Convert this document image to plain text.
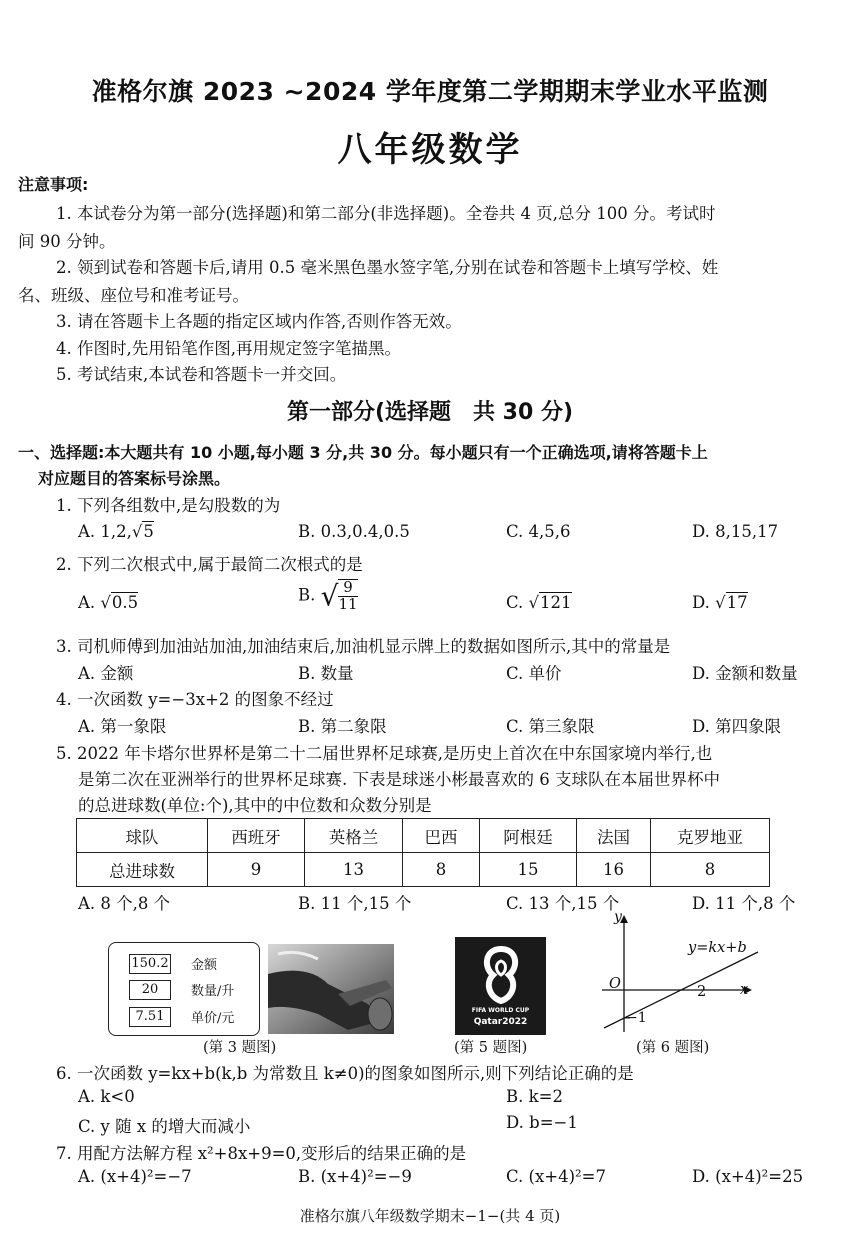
准格尔旗 2023 ~2024 学年度第二学期期末学业水平监测
八年级数学
注意事项:
1. 本试卷分为第一部分(选择题)和第二部分(非选择题)。全卷共 4 页,总分 100 分。考试时
间 90 分钟。
2. 领到试卷和答题卡后,请用 0.5 毫米黑色墨水签字笔,分别在试卷和答题卡上填写学校、姓
名、班级、座位号和准考证号。
3. 请在答题卡上各题的指定区域内作答,否则作答无效。
4. 作图时,先用铅笔作图,再用规定签字笔描黑。
5. 考试结束,本试卷和答题卡一并交回。
第一部分(选择题　共 30 分)
一、选择题:本大题共有 10 小题,每小题 3 分,共 30 分。每小题只有一个正确选项,请将答题卡上
对应题目的答案标号涂黑。
1. 下列各组数中,是勾股数的为
A. 1,2,√5	B. 0.3,0.4,0.5	C. 4,5,6	D. 8,15,17
2. 下列二次根式中,属于最简二次根式的是
A. √0.5	B. √ $\frac{9}{11}$	C. √121	D. √17
3. 司机师傅到加油站加油,加油结束后,加油机显示牌上的数据如图所示,其中的常量是
A. 金额	B. 数量	C. 单价	D. 金额和数量
4. 一次函数 y=−3x+2 的图象不经过
A. 第一象限	B. 第二象限	C. 第三象限	D. 第四象限
5. 2022 年卡塔尔世界杯是第二十二届世界杯足球赛,是历史上首次在中东国家境内举行,也
是第二次在亚洲举行的世界杯足球赛. 下表是球迷小彬最喜欢的 6 支球队在本届世界杯中
的总进球数(单位:个),其中的中位数和众数分别是
球队	西班牙	英格兰	巴西	阿根廷	法国	克罗地亚
总进球数	9	13	8	15	16	8
A. 8 个,8 个	B. 11 个,15 个	C. 13 个,15 个	D. 11 个,8 个
150.2 金额
20	数量/升
7.51	单价/元
(第 3 题图)
FIFA WORLD CUP
Qatar2022
(第 5 题图)
y
y=kx+b
O	2 x
−1
(第 6 题图)
6. 一次函数 y=kx+b(k,b 为常数且 k≠0)的图象如图所示,则下列结论正确的是
A. k<0	B. k=2
C. y 随 x 的增大而减小	D. b=−1
7. 用配方法解方程 x²+8x+9=0,变形后的结果正确的是
A. (x+4)²=−7	B. (x+4)²=−9	C. (x+4)²=7	D. (x+4)²=25
准格尔旗八年级数学期末−1−(共 4 页)
